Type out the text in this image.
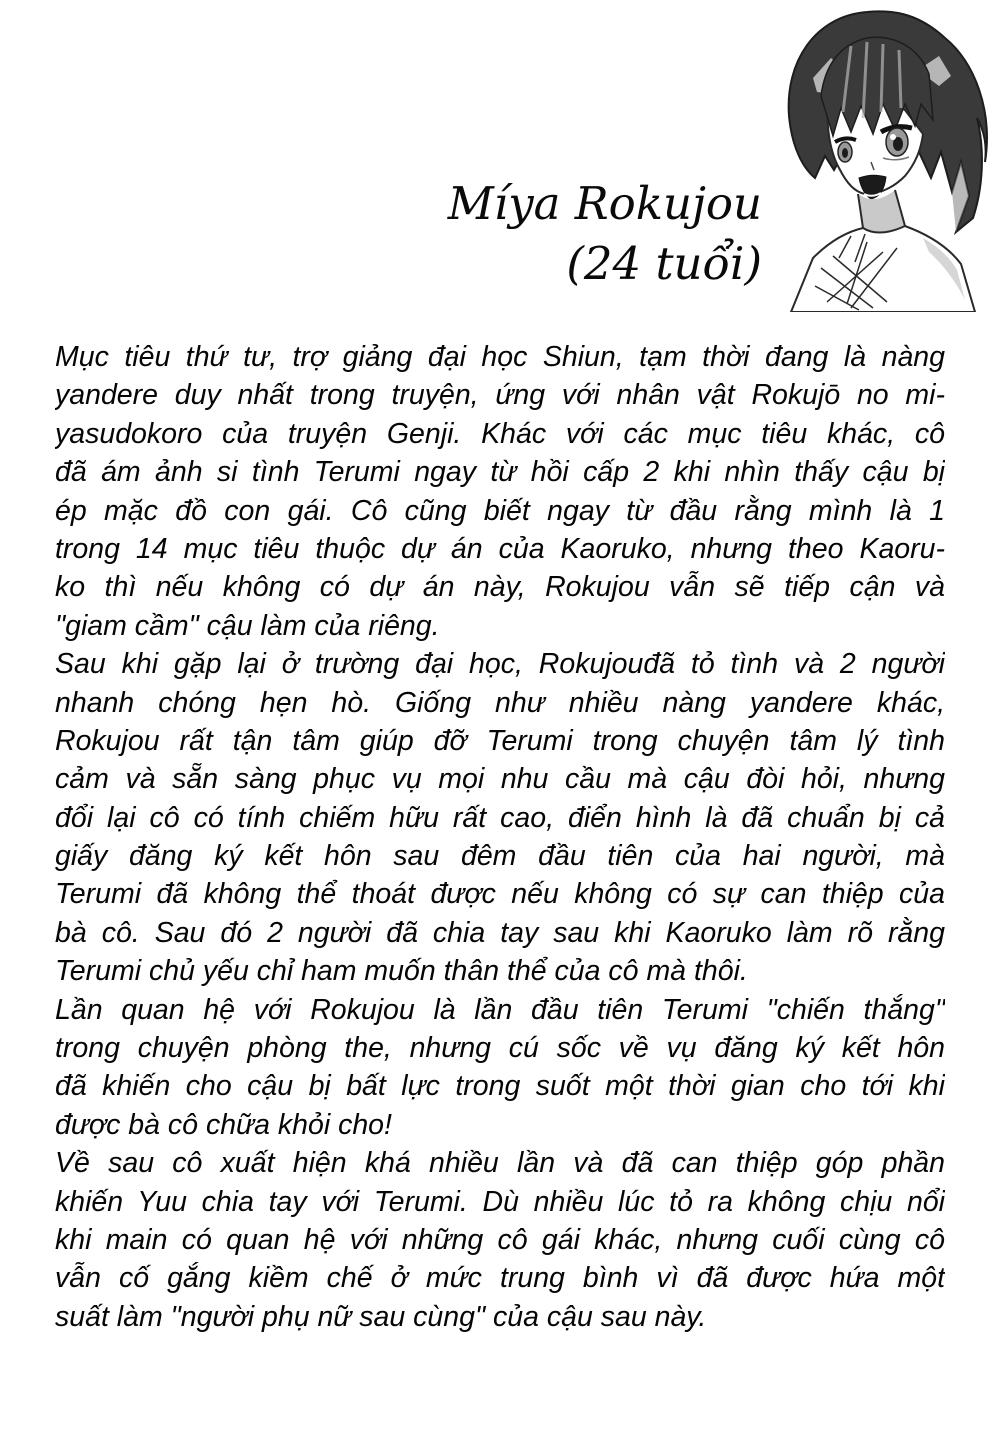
Míya Rokujou
(24 tuổi)
Mục tiêu thứ tư, trợ giảng đại học Shiun, tạm thời đang là nàng
yandere duy nhất trong truyện, ứng với nhân vật Rokujō no mi-
yasudokoro của truyện Genji. Khác với các mục tiêu khác, cô
đã ám ảnh si tình Terumi ngay từ hồi cấp 2 khi nhìn thấy cậu bị
ép mặc đồ con gái. Cô cũng biết ngay từ đầu rằng mình là 1
trong 14 mục tiêu thuộc dự án của Kaoruko, nhưng theo Kaoru-
ko thì nếu không có dự án này, Rokujou vẫn sẽ tiếp cận và
"giam cầm" cậu làm của riêng.
Sau khi gặp lại ở trường đại học, Rokujouđã tỏ tình và 2 người
nhanh chóng hẹn hò. Giống như nhiều nàng yandere khác,
Rokujou rất tận tâm giúp đỡ Terumi trong chuyện tâm lý tình
cảm và sẵn sàng phục vụ mọi nhu cầu mà cậu đòi hỏi, nhưng
đổi lại cô có tính chiếm hữu rất cao, điển hình là đã chuẩn bị cả
giấy đăng ký kết hôn sau đêm đầu tiên của hai người, mà
Terumi đã không thể thoát được nếu không có sự can thiệp của
bà cô. Sau đó 2 người đã chia tay sau khi Kaoruko làm rõ rằng
Terumi chủ yếu chỉ ham muốn thân thể của cô mà thôi.
Lần quan hệ với Rokujou là lần đầu tiên Terumi "chiến thắng"
trong chuyện phòng the, nhưng cú sốc về vụ đăng ký kết hôn
đã khiến cho cậu bị bất lực trong suốt một thời gian cho tới khi
được bà cô chữa khỏi cho!
Về sau cô xuất hiện khá nhiều lần và đã can thiệp góp phần
khiến Yuu chia tay với Terumi. Dù nhiều lúc tỏ ra không chịu nổi
khi main có quan hệ với những cô gái khác, nhưng cuối cùng cô
vẫn cố gắng kiềm chế ở mức trung bình vì đã được hứa một
suất làm "người phụ nữ sau cùng" của cậu sau này.
